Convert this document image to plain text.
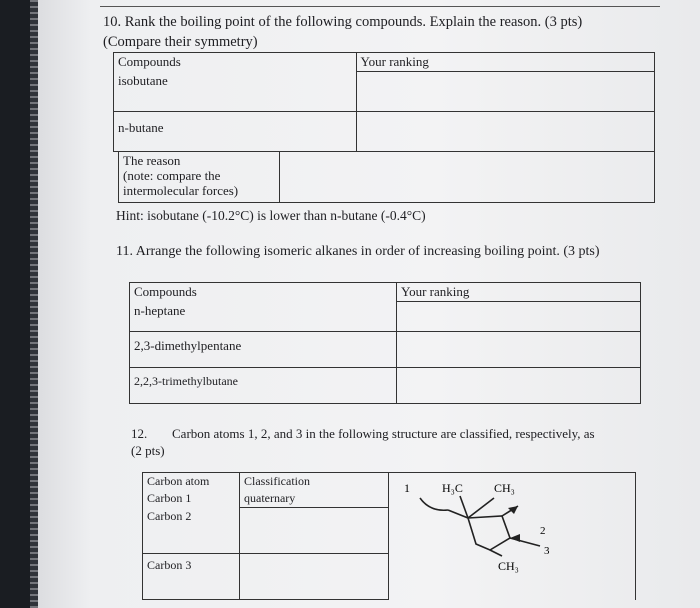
10. Rank the boiling point of the following compounds. Explain the reason. (3 pts)
(Compare their symmetry)
Compounds	Your ranking
isobutane	
n-butane	
The reason
(note: compare the
intermolecular forces)

Hint: isobutane (-10.2°C) is lower than n-butane (-0.4°C)
11. Arrange the following isomeric alkanes in order of increasing boiling point. (3 pts)
Compounds	Your ranking
n-heptane	
2,3-dimethylpentane	
2,2,3-trimethylbutane	
12. Carbon atoms 1, 2, and 3 in the following structure are classified, respectively, as
(2 pts)
Carbon atom	Classification	
Carbon 1	quaternary	
Carbon 2		
Carbon 3		
1	H₃C	CH₃
2
3
CH₃
